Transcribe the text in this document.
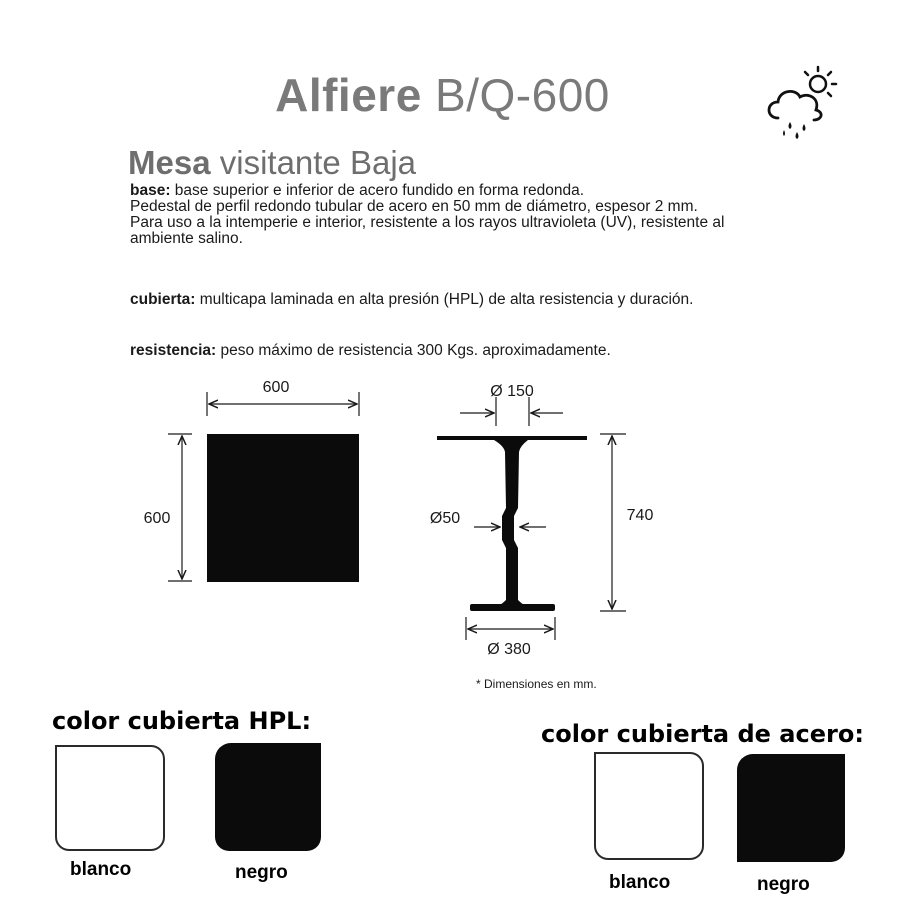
Alfiere B/Q-600
Mesa visitante Baja
base: base superior e inferior de acero fundido en forma redonda.
Pedestal de perfil redondo tubular de acero en 50 mm de diámetro, espesor 2 mm.
Para uso a la intemperie e interior, resistente a los rayos ultravioleta (UV), resistente al ambiente salino.
cubierta: multicapa laminada en alta presión (HPL) de alta resistencia y duración.
resistencia: peso máximo de resistencia 300 Kgs. aproximadamente.
600
600
Ø 150
Ø50	740
Ø 380
* Dimensiones en mm.
color cubierta HPL:	color cubierta de acero:
blanco	negro	blanco	negro
